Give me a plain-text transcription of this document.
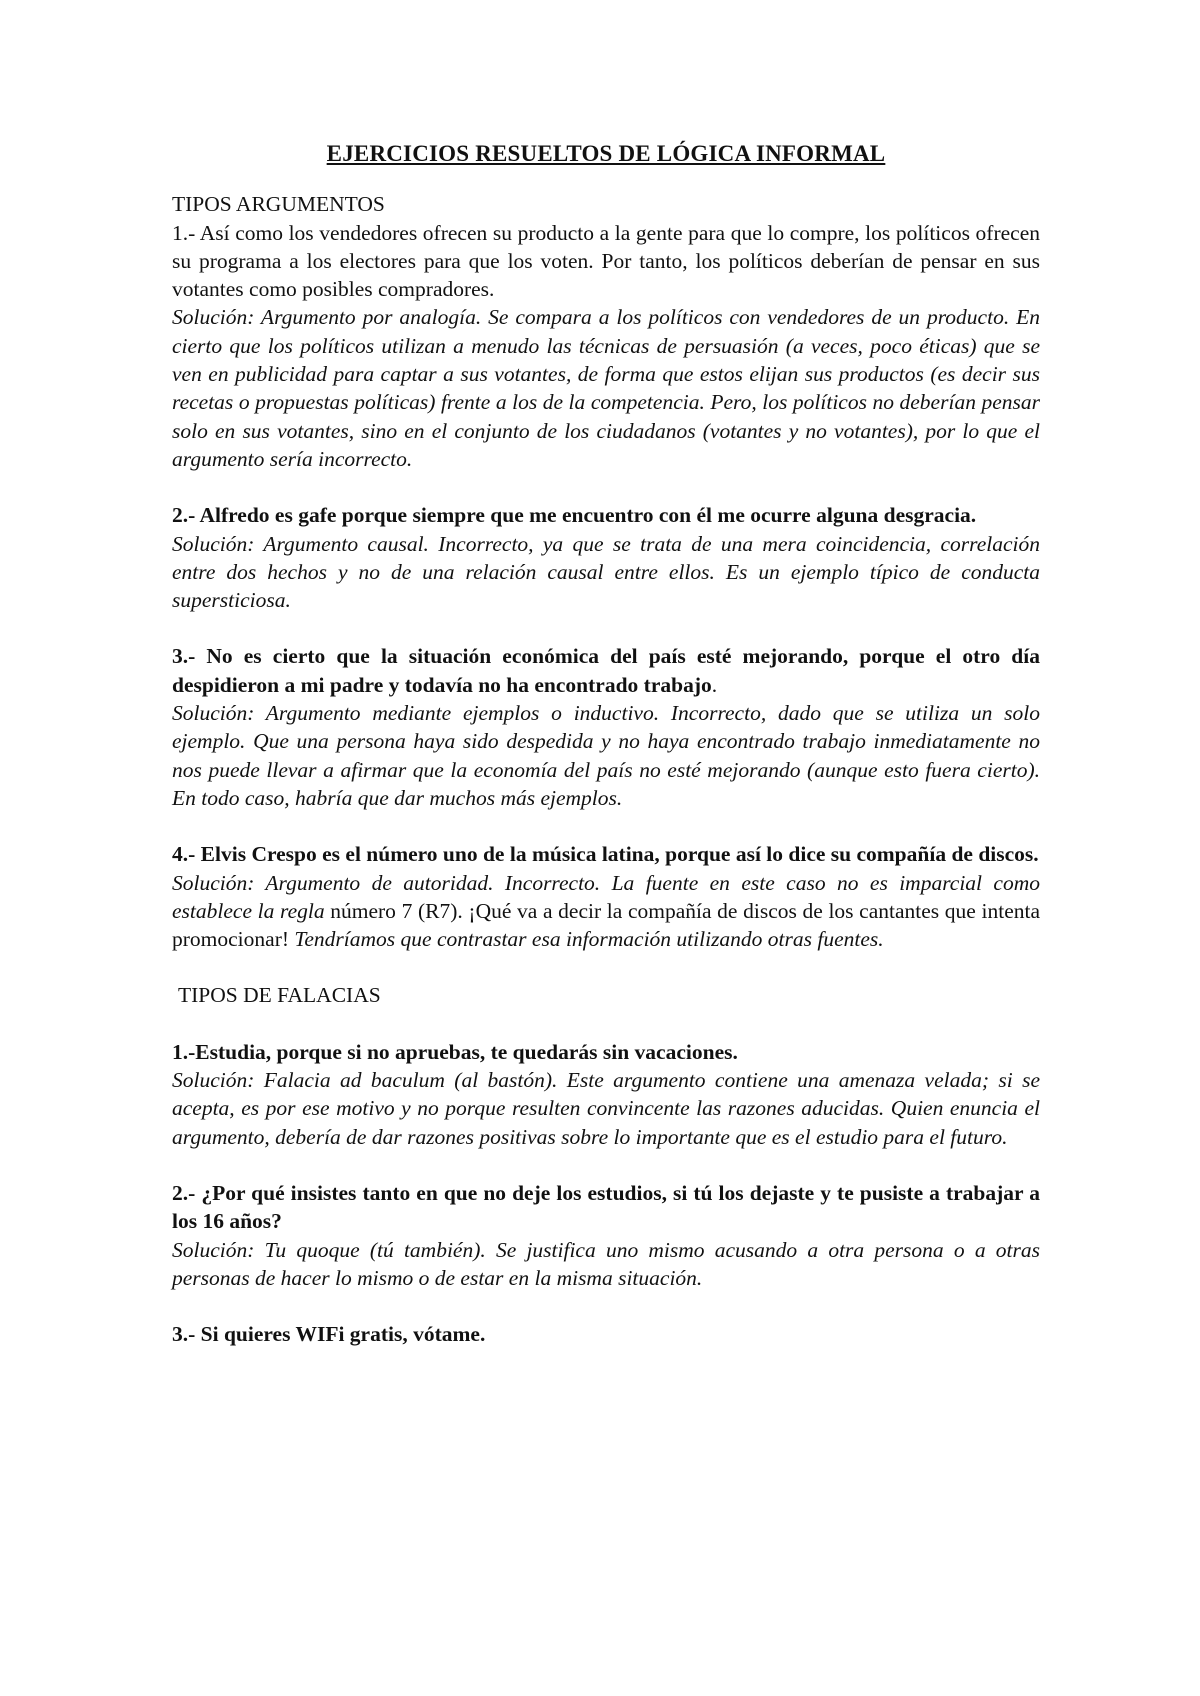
EJERCICIOS RESUELTOS DE LÓGICA INFORMAL

TIPOS ARGUMENTOS

1.- Así como los vendedores ofrecen su producto a la gente para que lo compre, los políticos ofrecen su programa a los electores para que los voten. Por tanto, los políticos deberían de pensar en sus votantes como posibles compradores.

Solución: Argumento por analogía. Se compara a los políticos con vendedores de un producto. En cierto que los políticos utilizan a menudo las técnicas de persuasión (a veces, poco éticas) que se ven en publicidad para captar a sus votantes, de forma que estos elijan sus productos (es decir sus recetas o propuestas políticas) frente a los de la competencia. Pero, los políticos no deberían pensar solo en sus votantes, sino en el conjunto de los ciudadanos (votantes y no votantes), por lo que el argumento sería incorrecto.

2.- Alfredo es gafe porque siempre que me encuentro con él me ocurre alguna desgracia.

Solución: Argumento causal. Incorrecto, ya que se trata de una mera coincidencia, correlación entre dos hechos y no de una relación causal entre ellos. Es un ejemplo típico de conducta supersticiosa.

3.- No es cierto que la situación económica del país esté mejorando, porque el otro día despidieron a mi padre y todavía no ha encontrado trabajo.

Solución: Argumento mediante ejemplos o inductivo. Incorrecto, dado que se utiliza un solo ejemplo. Que una persona haya sido despedida y no haya encontrado trabajo inmediatamente no nos puede llevar a afirmar que la economía del país no esté mejorando (aunque esto fuera cierto). En todo caso, habría que dar muchos más ejemplos.

4.- Elvis Crespo es el número uno de la música latina, porque así lo dice su compañía de discos.

Solución: Argumento de autoridad. Incorrecto. La fuente en este caso no es imparcial como establece la regla número 7 (R7). ¡Qué va a decir la compañía de discos de los cantantes que intenta promocionar! Tendríamos que contrastar esa información utilizando otras fuentes.

TIPOS DE FALACIAS

1.-Estudia, porque si no apruebas, te quedarás sin vacaciones.

Solución: Falacia ad baculum (al bastón). Este argumento contiene una amenaza velada; si se acepta, es por ese motivo y no porque resulten convincente las razones aducidas. Quien enuncia el argumento, debería de dar razones positivas sobre lo importante que es el estudio para el futuro.

2.- ¿Por qué insistes tanto en que no deje los estudios, si tú los dejaste y te pusiste a trabajar a los 16 años?

Solución: Tu quoque (tú también). Se justifica uno mismo acusando a otra persona o a otras personas de hacer lo mismo o de estar en la misma situación.

3.- Si quieres WIFi gratis, vótame.
